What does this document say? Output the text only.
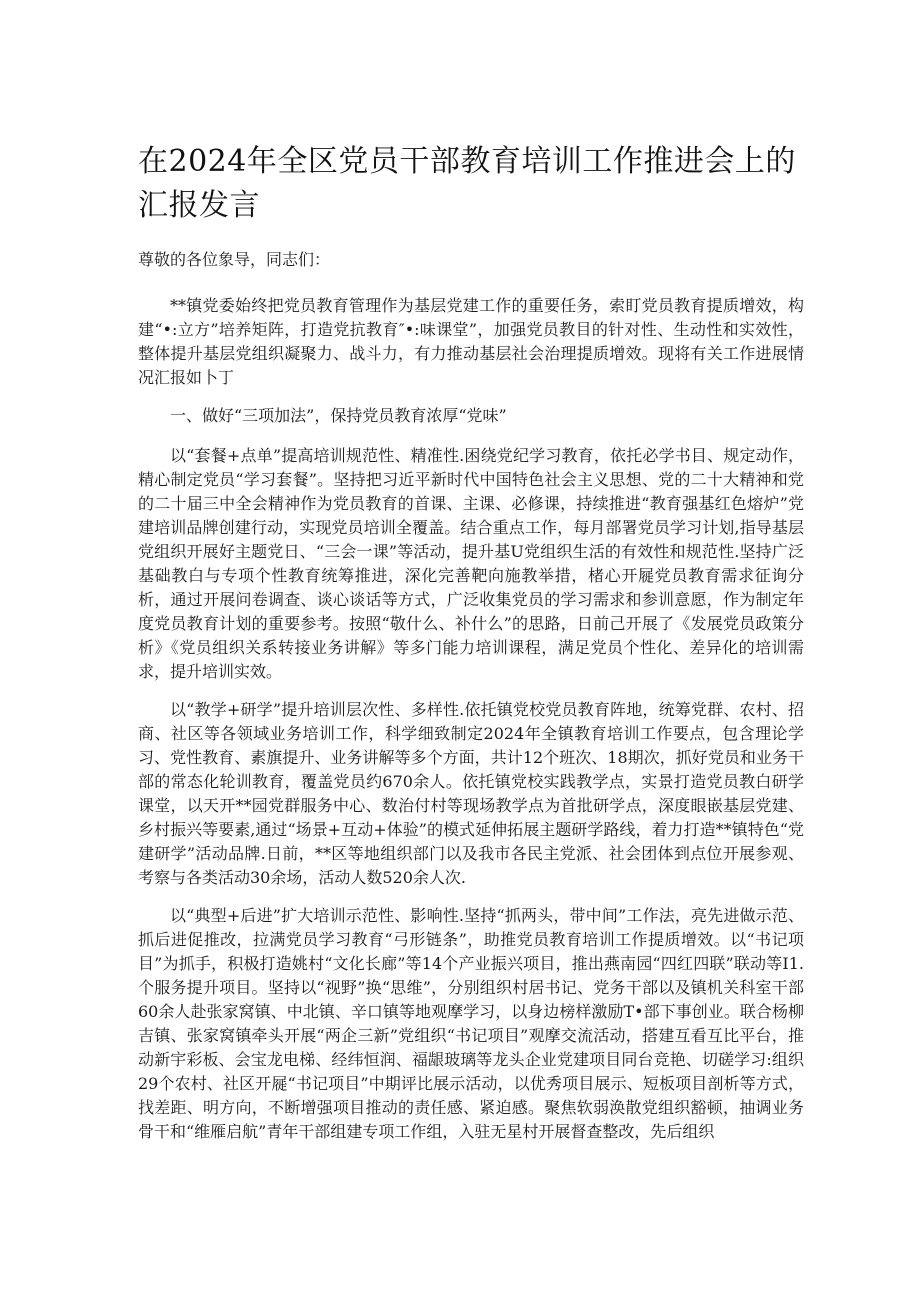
在2024年全区党员干部教育培训工作推进会上的汇报发言

尊敬的各位象导，同志们：

**镇党委始终把党员教育管理作为基层党建工作的重要任务，索盯党员教育提质增效，构建“•:立方”培养矩阵，打造党抗教育″•:味课堂”，加强党员教目的针对性、生动性和实效性，整体提升基层党组织凝聚力、战斗力，有力推动基层社会治理提质增效。现将有关工作进展情况汇报如卜丁

一、做好“三项加法”，保持党员教育浓厚“党味”

以“套餐+点单”提高培训规范性、精准性.困绕党纪学习教育，依托必学书目、规定动作，精心制定党员“学习套餐”。坚持把习近平新时代中国特色社会主义思想、党的二十大精神和党的二十届三中全会精神作为党员教育的首课、主课、必修课，持续推进“教育强基红色熔炉”党建培训品牌创建行动，实现党员培训全覆盖。结合重点工作，每月部署党员学习计划,指导基层党组织开展好主题党日、“三会一课”等活动，提升基U党组织生活的有效性和规范性.坚持广泛基础教白与专项个性教育统筹推进，深化完善靶向施教举措，楮心开屣党员教育需求征询分析，通过开展问卷调查、谈心谈话等方式，广泛收集党员的学习需求和参训意愿，作为制定年度党员教育计划的重要参考。按照“敬什么、补什么”的思路，日前己开展了《发展党员政策分析》《党员组织关系转接业务讲解》等多门能力培训课程，满足党员个性化、差异化的培训需求，提升培训实效。

以“教学+研学”提升培训层次性、多样性.依托镇党校党员教育阵地，统筹党群、农村、招商、社区等各领域业务培训工作，科学细致制定2024年全镇教育培训工作要点，包含理论学习、党性教育、素旗提升、业务讲解等多个方面，共计12个班次、18期次，抓好党员和业务干部的常态化轮训教育，覆盖党员约670余人。依托镇党校实践教学点，实景打造党员教白研学课堂，以天开**园党群服务中心、数治付村等现场教学点为首批研学点，深度眼嵌基层党建、乡村振兴等要素,通过“场景+互动+体验”的模式延伸拓展主题研学路线，着力打造**镇特色“党建研学”活动品牌.日前，**区等地组织部门以及我市各民主党派、社会团体到点位开展参观、考察与各类活动30余场，活动人数520余人次.

以“典型+后进”扩大培训示范性、影响性.坚持“抓两头，带中间”工作法，亮先进做示范、抓后进促推改，拉满党员学习教育“弓形链条”，助推党员教育培训工作提质增效。以“书记项目”为抓手，积极打造姚村“文化长廊”等14个产业振兴项目，推出燕南园“四红四联”联动等I1.个服务提升项目。坚持以“视野”换“思维”，分别组织村居书记、党务干部以及镇机关科室干部60余人赴张家窝镇、中北镇、辛口镇等地观摩学习，以身边榜样激励T•部下事创业。联合杨柳吉镇、张家窝镇牵头开展“两企三新”党组织“书记项目”观摩交流活动，搭建互看互比平台，推动新宇彩板、会宝龙电梯、经纬恒润、福龈玻璃等龙头企业党建项目同台竞艳、切磋学习:组织29个农村、社区开屣“书记项目”中期评比展示活动，以优秀项目展示、短板项目剖析等方式，找差距、明方向，不断增强项目推动的责任感、紧迫感。聚焦软弱涣散党组织豁顿，抽调业务骨干和“维雁启航”青年干部组建专项工作组，入驻无星村开展督查整改，先后组织
